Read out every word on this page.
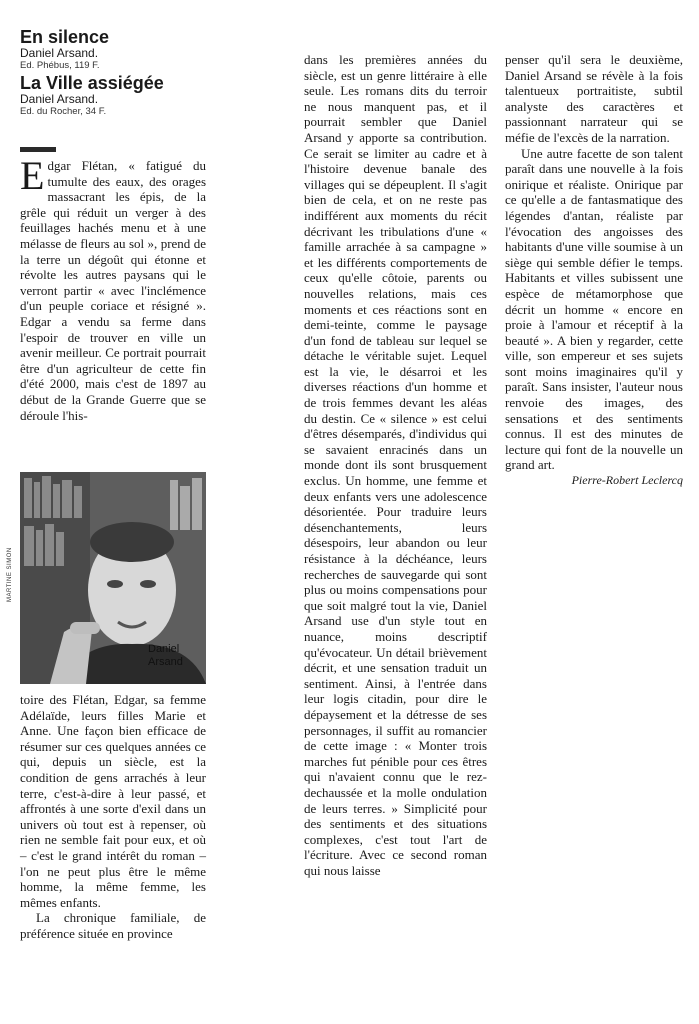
En silence

Daniel Arsand.

Ed. Phébus, 119 F.

La Ville assiégée

Daniel Arsand.

Ed. du Rocher, 34 F.

Edgar Flétan, « fatigué du tumulte des eaux, des orages massacrant les épis, de la grêle qui réduit un verger à des feuillages hachés menu et à une mélasse de fleurs au sol », prend de la terre un dégoût qui étonne et révolte les autres paysans qui le verront partir « avec l'inclémence d'un peuple coriace et résigné ». Edgar a vendu sa ferme dans l'espoir de trouver en ville un avenir meilleur. Ce portrait pourrait être d'un agriculteur de cette fin d'été 2000, mais c'est de 1897 au début de la Grande Guerre que se déroule l'his-

Daniel
Arsand
MARTINE SIMON

toire des Flétan, Edgar, sa femme Adélaïde, leurs filles Marie et Anne. Une façon bien efficace de résumer sur ces quelques années ce qui, depuis un siècle, est la condition de gens arrachés à leur terre, c'est-à-dire à leur passé, et affrontés à une sorte d'exil dans un univers où tout est à repenser, où rien ne semble fait pour eux, et où – c'est le grand intérêt du roman – l'on ne peut plus être le même homme, la même femme, les mêmes enfants.

La chronique familiale, de préférence située en province

dans les premières années du siècle, est un genre littéraire à elle seule. Les romans dits du terroir ne nous manquent pas, et il pourrait sembler que Daniel Arsand y apporte sa contribution. Ce serait se limiter au cadre et à l'histoire devenue banale des villages qui se dépeuplent. Il s'agit bien de cela, et on ne reste pas indifférent aux moments du récit décrivant les tribulations d'une « famille arrachée à sa campagne » et les différents comportements de ceux qu'elle côtoie, parents ou nouvelles relations, mais ces moments et ces réactions sont en demi-teinte, comme le paysage d'un fond de tableau sur lequel se détache le véritable sujet. Lequel est la vie, le désarroi et les diverses réactions d'un homme et de trois femmes devant les aléas du destin. Ce « silence » est celui d'êtres désemparés, d'individus qui se savaient enracinés dans un monde dont ils sont brusquement exclus. Un homme, une femme et deux enfants vers une adolescence désorientée. Pour traduire leurs désenchantements, leurs désespoirs, leur abandon ou leur résistance à la déchéance, leurs recherches de sauvegarde qui sont plus ou moins compensations pour que soit malgré tout la vie, Daniel Arsand use d'un style tout en nuance, moins descriptif qu'évocateur. Un détail brièvement décrit, et une sensation traduit un sentiment. Ainsi, à l'entrée dans leur logis citadin, pour dire le dépaysement et la détresse de ses personnages, il suffit au romancier de cette image : « Monter trois marches fut pénible pour ces êtres qui n'avaient connu que le rez-dechaussée et la molle ondulation de leurs terres. » Simplicité pour des sentiments et des situations complexes, c'est tout l'art de l'écriture. Avec ce second roman qui nous laisse

penser qu'il sera le deuxième, Daniel Arsand se révèle à la fois talentueux portraitiste, subtil analyste des caractères et passionnant narrateur qui se méfie de l'excès de la narration.

Une autre facette de son talent paraît dans une nouvelle à la fois onirique et réaliste. Onirique par ce qu'elle a de fantasmatique des légendes d'antan, réaliste par l'évocation des angoisses des habitants d'une ville soumise à un siège qui semble défier le temps. Habitants et villes subissent une espèce de métamorphose que décrit un homme « encore en proie à l'amour et réceptif à la beauté ». A bien y regarder, cette ville, son empereur et ses sujets sont moins imaginaires qu'il y paraît. Sans insister, l'auteur nous renvoie des images, des sensations et des sentiments connus. Il est des minutes de lecture qui font de la nouvelle un grand art.

Pierre-Robert Leclercq
